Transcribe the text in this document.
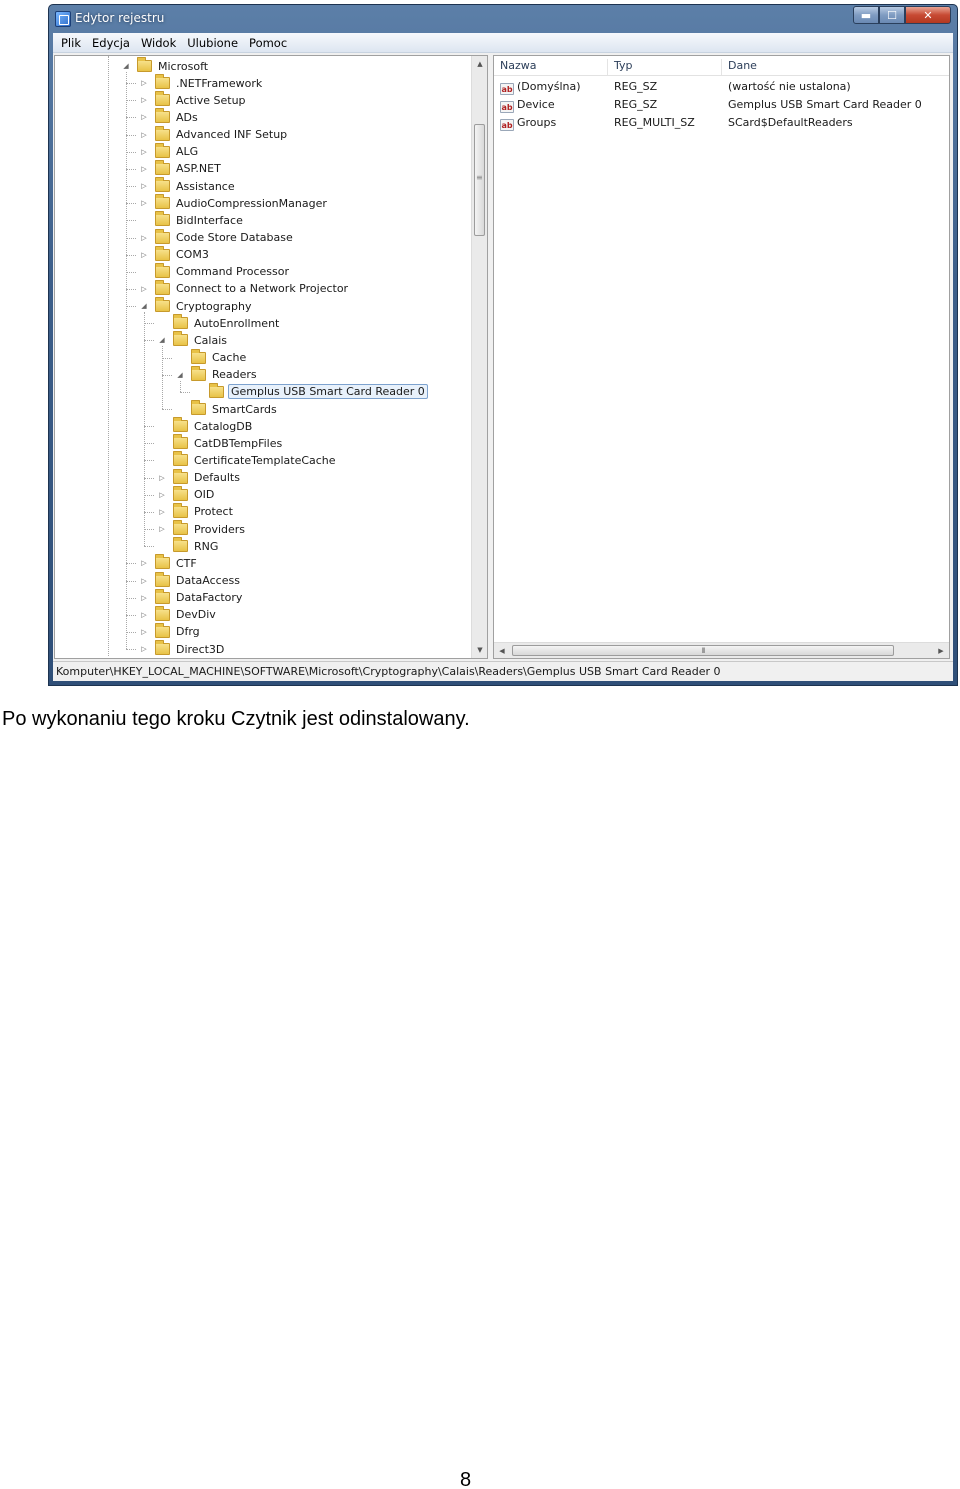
Edytor rejestru	▬	☐	✕
Plik Edycja Widok Ulubione Pomoc
▲
≡
▼
◢	Microsoft
▷	.NETFramework
▷	Active Setup
▷	ADs
▷	Advanced INF Setup
▷	ALG
▷	ASP.NET
▷	Assistance
▷	AudioCompressionManager
BidInterface
▷	Code Store Database
▷	COM3
Command Processor
▷	Connect to a Network Projector
◢	Cryptography
AutoEnrollment
◢	Calais
Cache
◢	Readers
Gemplus USB Smart Card Reader 0
SmartCards
CatalogDB
CatDBTempFiles
CertificateTemplateCache
▷	Defaults
▷	OID
▷	Protect
▷	Providers
RNG
▷	CTF
▷	DataAccess
▷	DataFactory
▷	DevDiv
▷	Dfrg
▷	Direct3D
Nazwa	Typ	Dane
ab (Domyślna)	REG_SZ	(wartość nie ustalona)
ab Device	REG_SZ	Gemplus USB Smart Card Reader 0
ab Groups	REG_MULTI_SZ	SCard$DefaultReaders
◀	lll	▶
Komputer\HKEY_LOCAL_MACHINE\SOFTWARE\Microsoft\Cryptography\Calais\Readers\Gemplus USB Smart Card Reader 0
Po wykonaniu tego kroku Czytnik jest odinstalowany.
8
